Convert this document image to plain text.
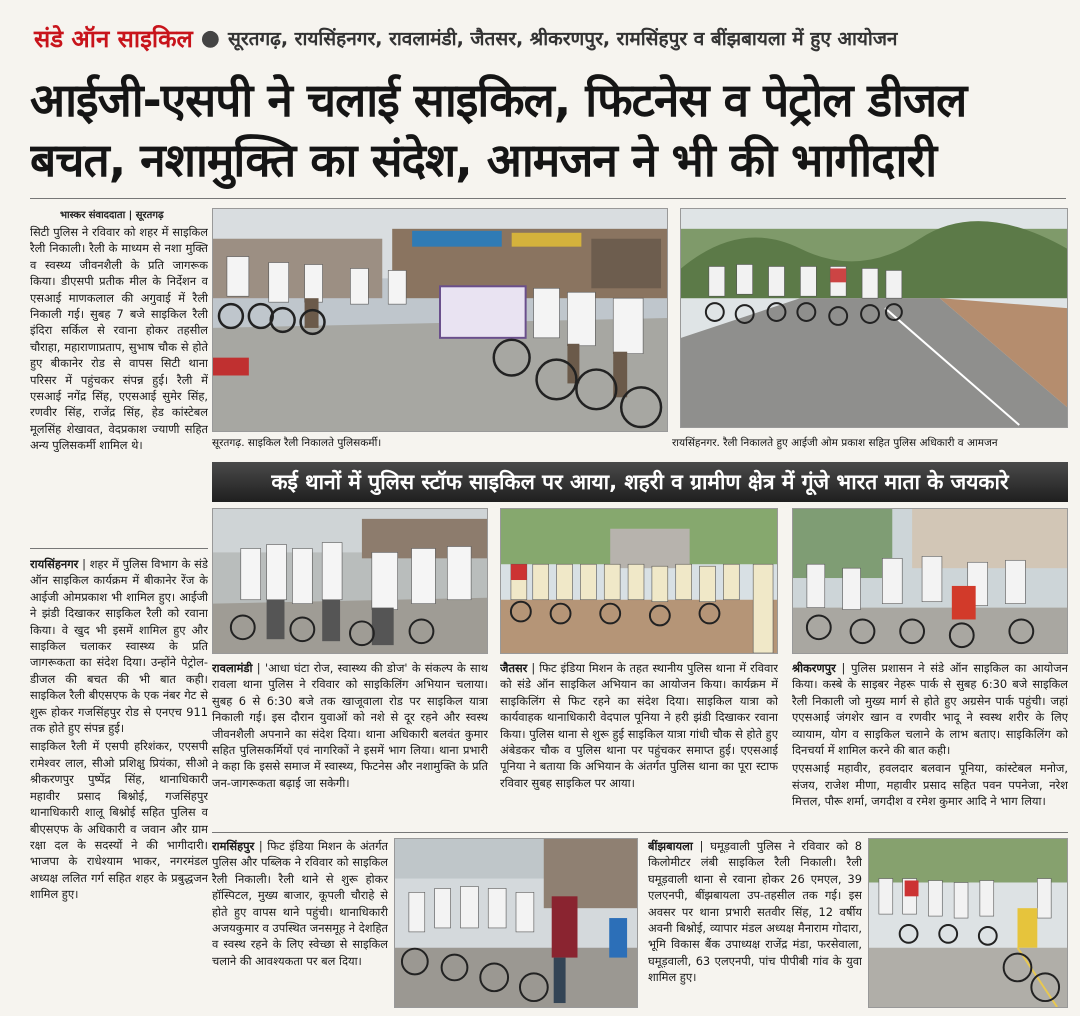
संडे ऑन साइकिल ● सूरतगढ़, रायसिंहनगर, रावलामंडी, जैतसर, श्रीकरणपुर, रामसिंहपुर व बींझबायला में हुए आयोजन
आईजी-एसपी ने चलाई साइकिल, फिटनेस व पेट्रोल डीजल
बचत, नशामुक्ति का संदेश, आमजन ने भी की भागीदारी
भास्कर संवाददाता | सूरतगढ़

सिटी पुलिस ने रविवार को शहर में साइकिल रैली निकाली। रैली के माध्यम से नशा मुक्ति व स्वस्थ्य जीवनशैली के प्रति जागरूक किया। डीएसपी प्रतीक मील के निर्देशन व एसआई माणकलाल की अगुवाई में रैली निकाली गई। सुबह 7 बजे साइकिल रैली इंदिरा सर्किल से रवाना होकर तहसील चौराहा, महाराणाप्रताप, सुभाष चौक से होते हुए बीकानेर रोड से वापस सिटी थाना परिसर में पहुंचकर संपन्न हुई। रैली में एसआई नगेंद्र सिंह, एएसआई सुमेर सिंह, रणवीर सिंह, राजेंद्र सिंह, हेड कांस्टेबल मूलसिंह शेखावत, वेदप्रकाश ज्याणी सहित अन्य पुलिसकर्मी शामिल थे।

रायसिंहनगर | शहर में पुलिस विभाग के संडे ऑन साइकिल कार्यक्रम में बीकानेर रेंज के आईजी ओमप्रकाश भी शामिल हुए। आईजी ने झंडी दिखाकर साइकिल रैली को रवाना किया। वे खुद भी इसमें शामिल हुए और साइकिल चलाकर स्वास्थ्य के प्रति जागरूकता का संदेश दिया। उन्होंने पेट्रोल-डीजल की बचत की भी बात कही। साइकिल रैली बीएसएफ के एक नंबर गेट से शुरू होकर गजसिंहपुर रोड से एनएच 911 तक होते हुए संपन्न हुई।

साइकिल रैली में एसपी हरिशंकर, एएसपी रामेश्वर लाल, सीओ प्रशिक्षु प्रियंका, सीओ श्रीकरणपुर पुष्पेंद्र सिंह, थानाधिकारी महावीर प्रसाद बिश्नोई, गजसिंहपुर थानाधिकारी शालू बिश्नोई सहित पुलिस व बीएसएफ के अधिकारी व जवान और ग्राम रक्षा दल के सदस्यों ने की भागीदारी। भाजपा के राधेश्याम भाकर, नगरमंडल अध्यक्ष ललित गर्ग सहित शहर के प्रबुद्धजन शामिल हुए।

सूरतगढ़. साइकिल रैली निकालते पुलिसकर्मी।	रायसिंहनगर. रैली निकालते हुए आईजी ओम प्रकाश सहित पुलिस अधिकारी व आमजन
कई थानों में पुलिस स्टॉफ साइकिल पर आया, शहरी व ग्रामीण क्षेत्र में गूंजे भारत माता के जयकारे

रावलामंडी | 'आधा घंटा रोज, स्वास्थ्य की डोज' के संकल्प के साथ रावला थाना पुलिस ने रविवार को साइकिलिंग अभियान चलाया। सुबह 6 से 6:30 बजे तक खाजूवाला रोड पर साइकिल यात्रा निकाली गई। इस दौरान युवाओं को नशे से दूर रहने और स्वस्थ जीवनशैली अपनाने का संदेश दिया। थाना अधिकारी बलवंत कुमार सहित पुलिसकर्मियों एवं नागरिकों ने इसमें भाग लिया। थाना प्रभारी ने कहा कि इससे समाज में स्वास्थ्य, फिटनेस और नशामुक्ति के प्रति जन-जागरूकता बढ़ाई जा सकेगी।

जैतसर | फिट इंडिया मिशन के तहत स्थानीय पुलिस थाना में रविवार को संडे ऑन साइकिल अभियान का आयोजन किया। कार्यक्रम में साइकिलिंग से फिट रहने का संदेश दिया। साइकिल यात्रा को कार्यवाहक थानाधिकारी वेदपाल पूनिया ने हरी झंडी दिखाकर रवाना किया। पुलिस थाना से शुरू हुई साइकिल यात्रा गांधी चौक से होते हुए अंबेडकर चौक व पुलिस थाना पर पहुंचकर समाप्त हुई। एएसआई पूनिया ने बताया कि अभियान के अंतर्गत पुलिस थाना का पूरा स्टाफ रविवार सुबह साइकिल पर आया।

श्रीकरणपुर | पुलिस प्रशासन ने संडे ऑन साइकिल का आयोजन किया। कस्बे के साइबर नेहरू पार्क से सुबह 6:30 बजे साइकिल रैली निकाली जो मुख्य मार्ग से होते हुए अग्रसेन पार्क पहुंची। जहां एएसआई जंगशेर खान व रणवीर भादू ने स्वस्थ शरीर के लिए व्यायाम, योग व साइकिल चलाने के लाभ बताए। साइकिलिंग को दिनचर्या में शामिल करने की बात कही।

एएसआई महावीर, हवलदार बलवान पूनिया, कांस्टेबल मनोज, संजय, राजेश मीणा, महावीर प्रसाद सहित पवन पपनेजा, नरेश मित्तल, पौरू शर्मा, जगदीश व रमेश कुमार आदि ने भाग लिया।

रामसिंहपुर | फिट इंडिया मिशन के अंतर्गत पुलिस और पब्लिक ने रविवार को साइकिल रैली निकाली। रैली थाने से शुरू होकर हॉस्पिटल, मुख्य बाजार, कूपली चौराहे से होते हुए वापस थाने पहुंची। थानाधिकारी अजयकुमार व उपस्थित जनसमूह ने देशहित व स्वस्थ रहने के लिए स्वेच्छा से साइकिल चलाने की आवश्यकता पर बल दिया।

बींझबायला | घमूड़वाली पुलिस ने रविवार को 8 किलोमीटर लंबी साइकिल रैली निकाली। रैली घमूड़वाली थाना से रवाना होकर 26 एमएल, 39 एलएनपी, बींझबायला उप-तहसील तक गई। इस अवसर पर थाना प्रभारी सतवीर सिंह, 12 वर्षीय अवनी बिश्नोई, व्यापार मंडल अध्यक्ष मैनाराम गोदारा, भूमि विकास बैंक उपाध्यक्ष राजेंद्र मंडा, फरसेवाला, घमूड़वाली, 63 एलएनपी, पांच पीपीबी गांव के युवा शामिल हुए।
